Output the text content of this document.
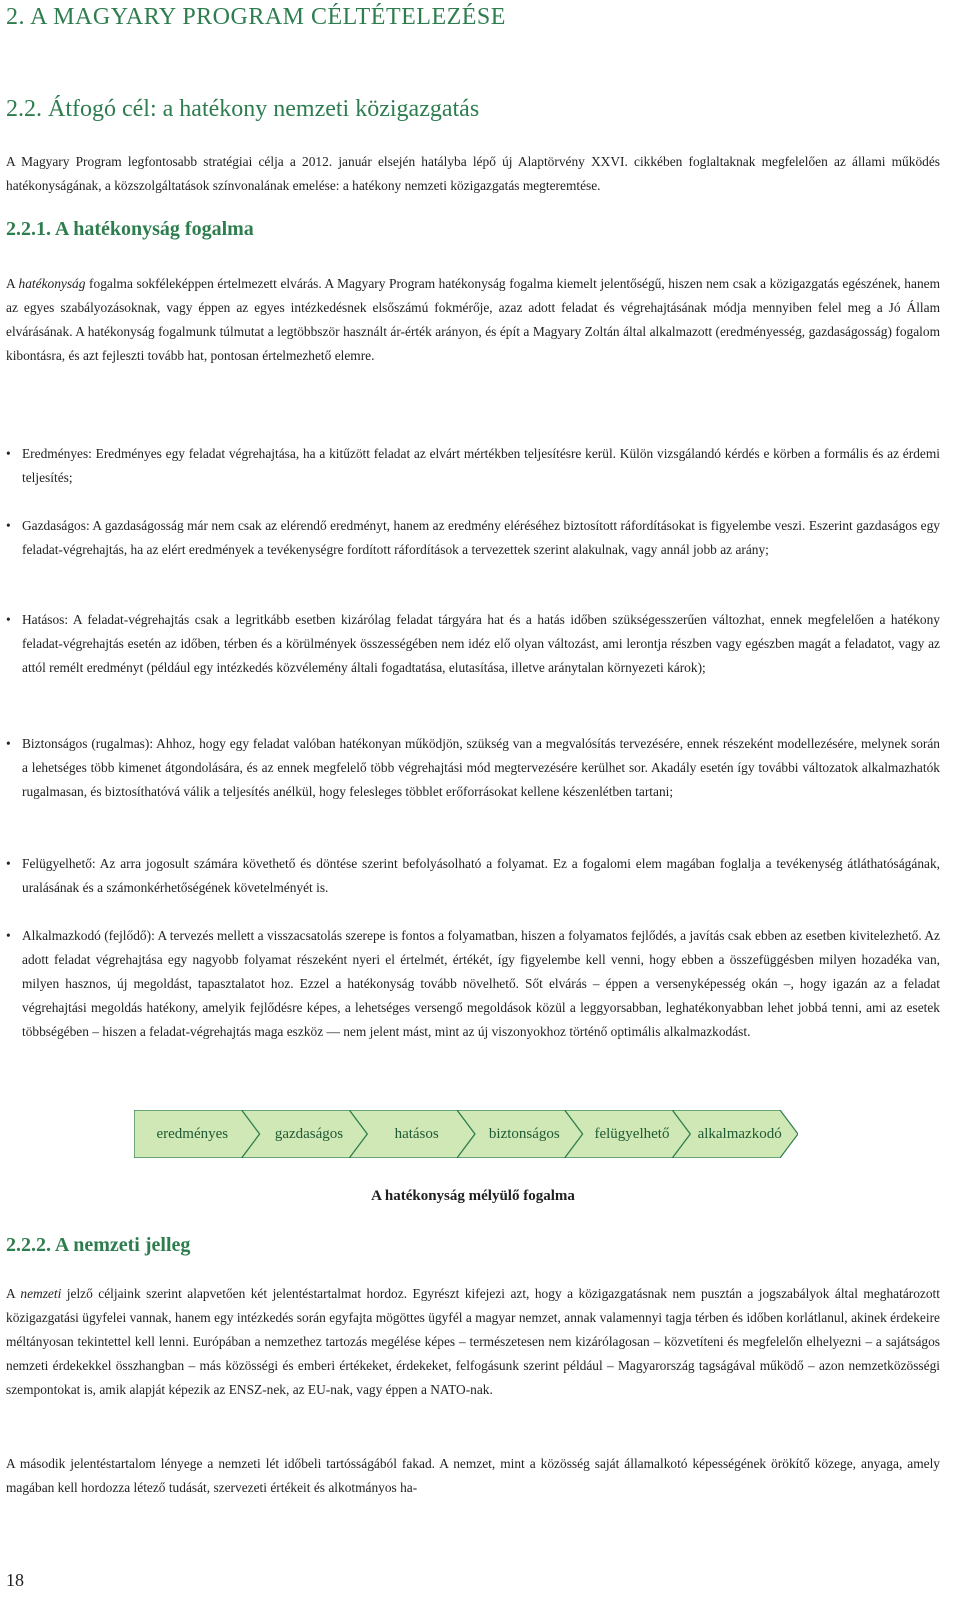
2. A MAGYARY PROGRAM CÉLTÉTELEZÉSE
2.2. Átfogó cél: a hatékony nemzeti közigazgatás

A Magyary Program legfontosabb stratégiai célja a 2012. január elsején hatályba lépő új Alaptörvény XXVI. cikkében foglaltaknak megfelelően az állami működés hatékonyságának, a közszolgáltatások színvonalának emelése: a hatékony nemzeti közigazgatás megteremtése.

2.2.1. A hatékonyság fogalma

A hatékonyság fogalma sokféleképpen értelmezett elvárás. A Magyary Program hatékonyság fogalma kiemelt jelentőségű, hiszen nem csak a közigazgatás egészének, hanem az egyes szabályozásoknak, vagy éppen az egyes intézkedésnek elsőszámú fokmérője, azaz adott feladat és végrehajtásának módja mennyiben felel meg a Jó Állam elvárásának. A hatékonyság fogalmunk túlmutat a legtöbbször használt ár-érték arányon, és épít a Magyary Zoltán által alkalmazott (eredményesség, gazdaságosság) fogalom kibontásra, és azt fejleszti tovább hat, pontosan értelmezhető elemre.

• Eredményes: Eredményes egy feladat végrehajtása, ha a kitűzött feladat az elvárt mértékben teljesítésre kerül. Külön vizsgálandó kérdés e körben a formális és az érdemi teljesítés;
• Gazdaságos: A gazdaságosság már nem csak az elérendő eredményt, hanem az eredmény eléréséhez biztosított ráfordításokat is figyelembe veszi. Eszerint gazdaságos egy feladat-végrehajtás, ha az elért eredmények a tevékenységre fordított ráfordítások a tervezettek szerint alakulnak, vagy annál jobb az arány;
• Hatásos: A feladat-végrehajtás csak a legritkább esetben kizárólag feladat tárgyára hat és a hatás időben szükségesszerűen változhat, ennek megfelelően a hatékony feladat-végrehajtás esetén az időben, térben és a körülmények összességében nem idéz elő olyan változást, ami lerontja részben vagy egészben magát a feladatot, vagy az attól remélt eredményt (például egy intézkedés közvélemény általi fogadtatása, elutasítása, illetve aránytalan környezeti károk);
• Biztonságos (rugalmas): Ahhoz, hogy egy feladat valóban hatékonyan működjön, szükség van a megvalósítás tervezésére, ennek részeként modellezésére, melynek során a lehetséges több kimenet átgondolására, és az ennek megfelelő több végrehajtási mód megtervezésére kerülhet sor. Akadály esetén így további változatok alkalmazhatók rugalmasan, és biztosíthatóvá válik a teljesítés anélkül, hogy felesleges többlet erőforrásokat kellene készenlétben tartani;
• Felügyelhető: Az arra jogosult számára követhető és döntése szerint befolyásolható a folyamat. Ez a fogalomi elem magában foglalja a tevékenység átláthatóságának, uralásának és a számonkérhetőségének követelményét is.
• Alkalmazkodó (fejlődő): A tervezés mellett a visszacsatolás szerepe is fontos a folyamatban, hiszen a folyamatos fejlődés, a javítás csak ebben az esetben kivitelezhető. Az adott feladat végrehajtása egy nagyobb folyamat részeként nyeri el értelmét, értékét, így figyelembe kell venni, hogy ebben a összefüggésben milyen hozadéka van, milyen hasznos, új megoldást, tapasztalatot hoz. Ezzel a hatékonyság tovább növelhető. Sőt elvárás – éppen a versenyképesség okán –, hogy igazán az a feladat végrehajtási megoldás hatékony, amelyik fejlődésre képes, a lehetséges versengő megoldások közül a leggyorsabban, leghatékonyabban lehet jobbá tenni, ami az esetek többségében – hiszen a feladat-végrehajtás maga eszköz — nem jelent mást, mint az új viszonyokhoz történő optimális alkalmazkodást.
eredményes	gazdaságos	hatásos	biztonságos	felügyelhető	alkalmazkodó

A hatékonyság mélyülő fogalma

2.2.2. A nemzeti jelleg

A nemzeti jelző céljaink szerint alapvetően két jelentéstartalmat hordoz. Egyrészt kifejezi azt, hogy a közigazgatásnak nem pusztán a jogszabályok által meghatározott közigazgatási ügyfelei vannak, hanem egy intézkedés során egyfajta mögöttes ügyfél a magyar nemzet, annak valamennyi tagja térben és időben korlátlanul, akinek érdekeire méltányosan tekintettel kell lenni. Európában a nemzethez tartozás megélése képes – természetesen nem kizárólagosan – közvetíteni és megfelelőn elhelyezni – a sajátságos nemzeti érdekekkel összhangban – más közösségi és emberi értékeket, érdekeket, felfogásunk szerint például – Magyarország tagságával működő – azon nemzetközösségi szempontokat is, amik alapját képezik az ENSZ-nek, az EU-nak, vagy éppen a NATO-nak.

A második jelentéstartalom lényege a nemzeti lét időbeli tartósságából fakad. A nemzet, mint a közösség saját államalkotó képességének örökítő közege, anyaga, amely magában kell hordozza létező tudását, szervezeti értékeit és alkotmányos ha-

18
